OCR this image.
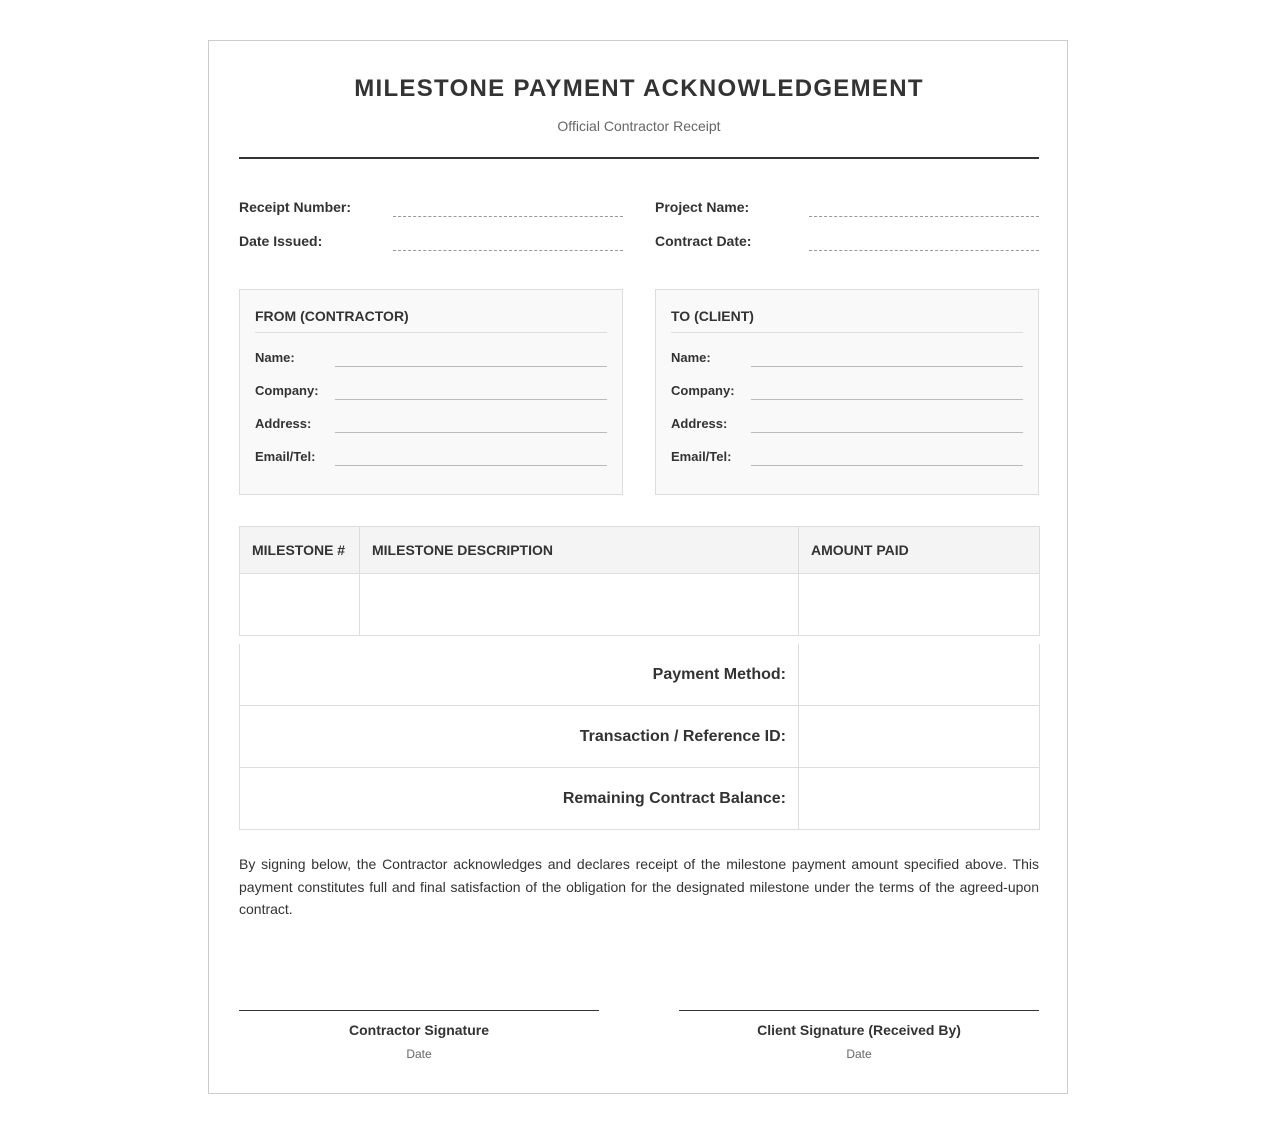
MILESTONE PAYMENT ACKNOWLEDGEMENT
Official Contractor Receipt
Receipt Number:
Date Issued:
Project Name:
Contract Date:
FROM (CONTRACTOR)
Name:
Company:
Address:
Email/Tel:
TO (CLIENT)
Name:
Company:
Address:
Email/Tel:
MILESTONE #	MILESTONE DESCRIPTION	AMOUNT PAID

Payment Method:	
Transaction / Reference ID:	
Remaining Contract Balance:	
By signing below, the Contractor acknowledges and declares receipt of the milestone payment amount specified above. This payment constitutes full and final satisfaction of the obligation for the designated milestone under the terms of the agreed-upon contract.
Contractor Signature
Date
Client Signature (Received By)
Date
